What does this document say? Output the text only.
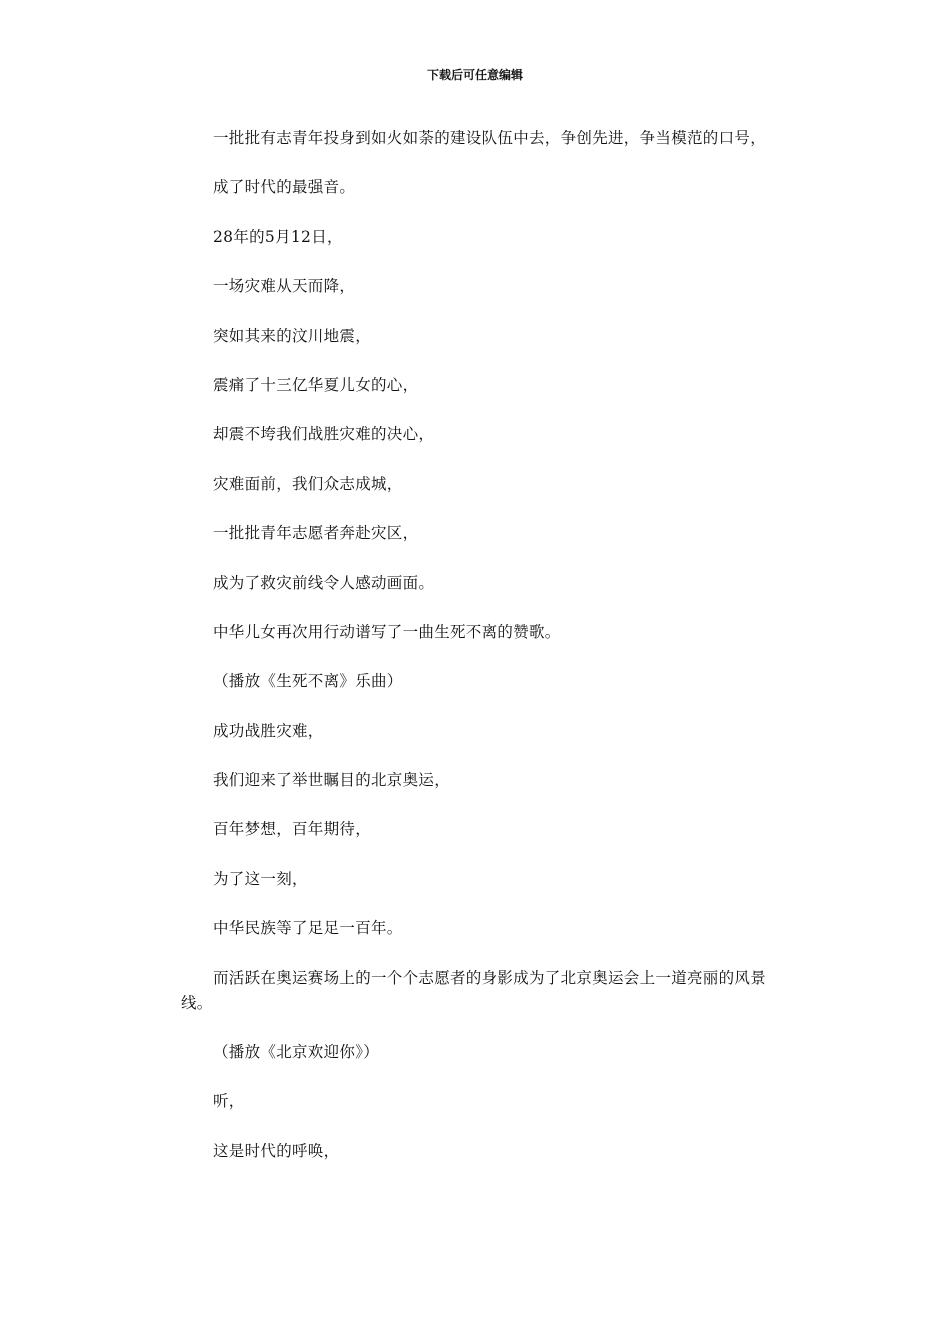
下载后可任意编辑

一批批有志青年投身到如火如荼的建设队伍中去，争创先进，争当模范的口号，

成了时代的最强音。

28年的5月12日，

一场灾难从天而降，

突如其来的汶川地震，

震痛了十三亿华夏儿女的心，

却震不垮我们战胜灾难的决心，

灾难面前，我们众志成城，

一批批青年志愿者奔赴灾区，

成为了救灾前线令人感动画面。

中华儿女再次用行动谱写了一曲生死不离的赞歌。

（播放《生死不离》乐曲）

成功战胜灾难，

我们迎来了举世瞩目的北京奥运，

百年梦想，百年期待，

为了这一刻，

中华民族等了足足一百年。

而活跃在奥运赛场上的一个个志愿者的身影成为了北京奥运会上一道亮丽的风景线。

（播放《北京欢迎你》）

听，

这是时代的呼唤，
